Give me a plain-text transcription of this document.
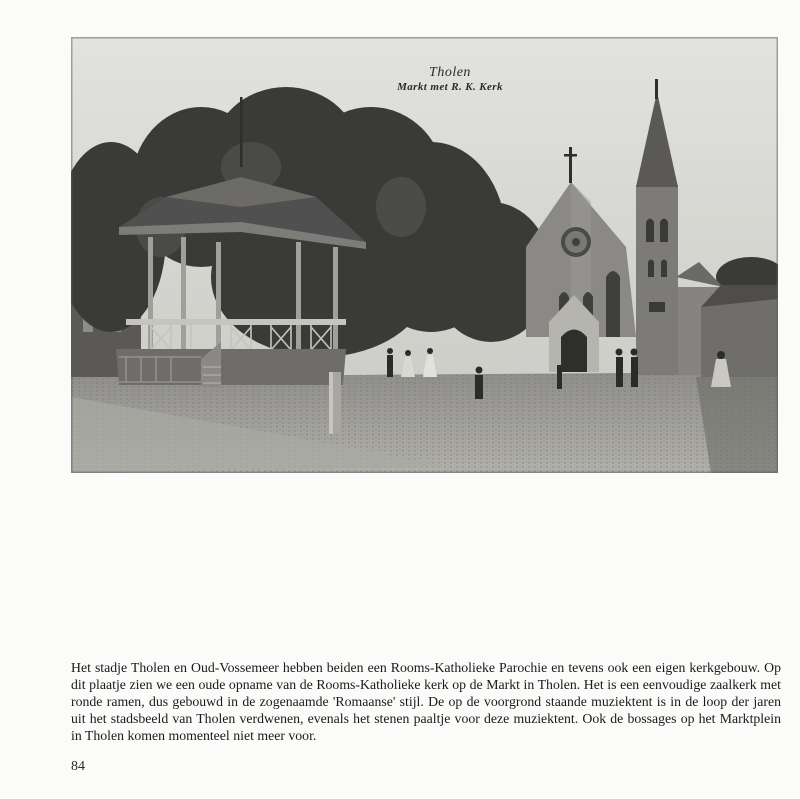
Tholen
Markt met R. K. Kerk

Het stadje Tholen en Oud-Vossemeer hebben beiden een Rooms-Katholieke Parochie en tevens ook een eigen kerkgebouw. Op dit plaatje zien we een oude opname van de Rooms-Katholieke kerk op de Markt in Tholen. Het is een eenvoudige zaalkerk met ronde ramen, dus gebouwd in de zogenaamde 'Romaanse' stijl. De op de voorgrond staande muziektent is in de loop der jaren uit het stadsbeeld van Tholen verdwenen, evenals het stenen paaltje voor deze muziektent. Ook de bossages op het Marktplein in Tholen komen momenteel niet meer voor.

84
